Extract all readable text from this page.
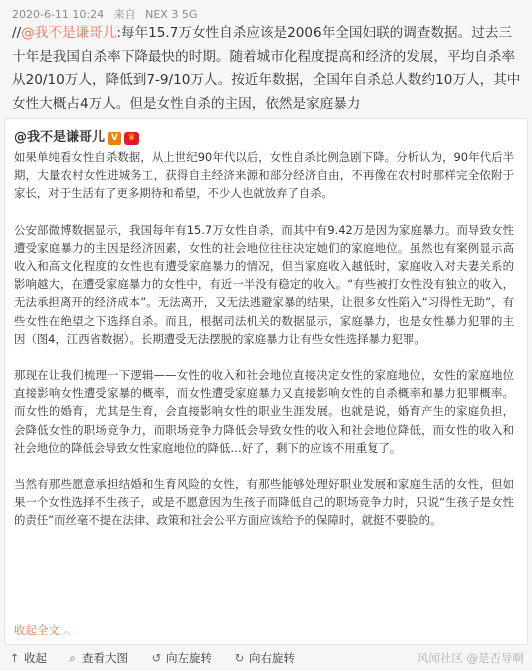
2020-6-11 10:24 来自 NEX 3 5G
//@我不是谦哥儿:每年15.7万女性自杀应该是2006年全国妇联的调查数据。过去三十年是我国自杀率下降最快的时期。随着城市化程度提高和经济的发展，平均自杀率从20/10万人，降低到7-9/10万人。按近年数据，全国年自杀总人数约10万人，其中女性大概占4万人。但是女性自杀的主因，依然是家庭暴力
@我不是谦哥儿 V ♛

如果单纯看女性自杀数据，从上世纪90年代以后，女性自杀比例急剧下降。分析认为，90年代后半期，大量农村女性进城务工，获得自主经济来源和部分经济自由，不再像在农村时那样完全依附于家长，对于生活有了更多期待和希望，不少人也就放弃了自杀。

公安部微博数据显示，我国每年有15.7万女性自杀，而其中有9.42万是因为家庭暴力。而导致女性遭受家庭暴力的主因是经济因素，女性的社会地位往往决定她们的家庭地位。虽然也有案例显示高收入和高文化程度的女性也有遭受家庭暴力的情况，但当家庭收入越低时，家庭收入对夫妻关系的影响越大，在遭受家庭暴力的女性中，有近一半没有稳定的收入。“有些被打女性没有独立的收入，无法承担离开的经济成本”。无法离开，又无法逃避家暴的结果，让很多女性陷入“习得性无助”，有些女性在绝望之下选择自杀。而且，根据司法机关的数据显示，家庭暴力，也是女性暴力犯罪的主因（图4，江西省数据）。长期遭受无法摆脱的家庭暴力让有些女性选择暴力犯罪。

那现在让我们梳理一下逻辑——女性的收入和社会地位直接决定女性的家庭地位，女性的家庭地位直接影响女性遭受家暴的概率，而女性遭受家庭暴力又直接影响女性的自杀概率和暴力犯罪概率。而女性的婚育，尤其是生育，会直接影响女性的职业生涯发展。也就是说，婚育产生的家庭负担，会降低女性的职场竞争力，而职场竞争力降低会导致女性的收入和社会地位降低，而女性的收入和社会地位的降低会导致女性家庭地位的降低…好了，剩下的应该不用重复了。

当然有那些愿意承担结婚和生育风险的女性，有那些能够处理好职业发展和家庭生活的女性，但如果一个女性选择不生孩子，或是不愿意因为生孩子而降低自己的职场竞争力时，只说“生孩子是女性的责任”而丝毫不提在法律、政策和社会公平方面应该给予的保障时，就挺不要脸的。

收起全文 ︿
↑ 收起 ⌕ 查看大图 ↺ 向左旋转 ↻ 向右旋转	风闻社区 @是否导啊
